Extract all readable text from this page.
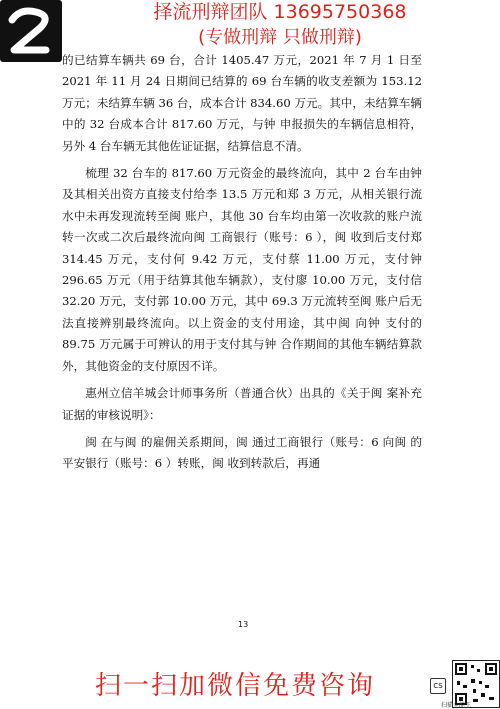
择流刑辩团队 13695750368
(专做刑辩 只做刑辩)

的已结算车辆共 69 台，合计 1405.47 万元，2021 年 7 月 1 日至 2021 年 11 月 24 日期间已结算的 69 台车辆的收支差额为 153.12 万元；未结算车辆 36 台，成本合计 834.60 万元。其中，未结算车辆中的 32 台成本合计 817.60 万元，与钟 申报损失的车辆信息相符，另外 4 台车辆无其他佐证证据，结算信息不清。

梳理 32 台车的 817.60 万元资金的最终流向，其中 2 台车由钟 及其相关出资方直接支付给李 13.5 万元和郑 3 万元，从相关银行流水中未再发现流转至闽 账户，其他 30 台车均由第一次收款的账户流转一次或二次后最终流向闽 工商银行（账号：6 ），闽 收到后支付郑 314.45 万元，支付何 9.42 万元，支付蔡 11.00 万元，支付钟 296.65 万元（用于结算其他车辆款），支付廖 10.00 万元，支付信 32.20 万元，支付郭 10.00 万元，其中 69.3 万元流转至闽 账户后无法直接辨别最终流向。以上资金的支付用途，其中闽 向钟 支付的 89.75 万元属于可辨认的用于支付其与钟 合作期间的其他车辆结算款外，其他资金的支付原因不详。

惠州立信羊城会计师事务所（普通合伙）出具的《关于闽 案补充证据的审核说明》：

闽 在与闽 的雇佣关系期间，闽 通过工商银行（账号：6 向闽 的平安银行（账号：6 ）转账，闽 收到转款后，再通

13
扫一扫加微信免费咨询	CS
扫描全能王
